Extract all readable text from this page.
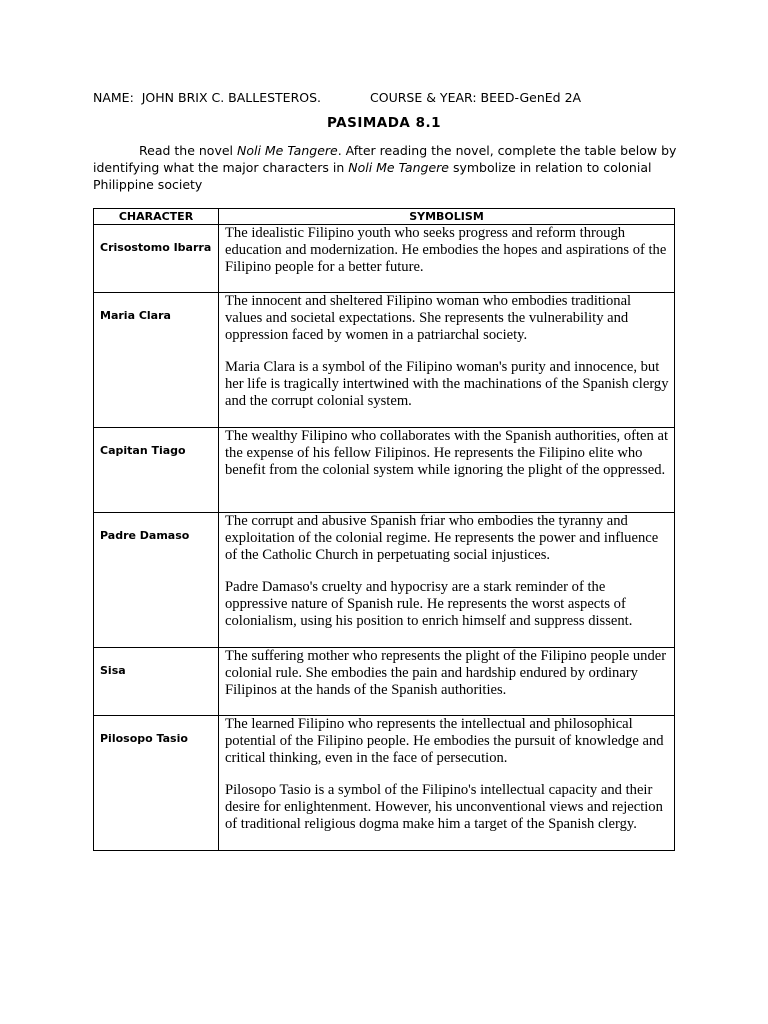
NAME: JOHN BRIX C. BALLESTEROS.	COURSE & YEAR: BEED-GenEd 2A
PASIMADA 8.1
Read the novel Noli Me Tangere. After reading the novel, complete the table below by identifying what the major characters in Noli Me Tangere symbolize in relation to colonial Philippine society
CHARACTER	SYMBOLISM
Crisostomo Ibarra	The idealistic Filipino youth who seeks progress and reform through education and modernization. He embodies the hopes and aspirations of the Filipino people for a better future.

Maria Clara	The innocent and sheltered Filipino woman who embodies traditional values and societal expectations. She represents the vulnerability and oppression faced by women in a patriarchal society.

Maria Clara is a symbol of the Filipino woman's purity and innocence, but her life is tragically intertwined with the machinations of the Spanish clergy and the corrupt colonial system.

Capitan Tiago	The wealthy Filipino who collaborates with the Spanish authorities, often at the expense of his fellow Filipinos. He represents the Filipino elite who benefit from the colonial system while ignoring the plight of the oppressed.

Padre Damaso	The corrupt and abusive Spanish friar who embodies the tyranny and exploitation of the colonial regime. He represents the power and influence of the Catholic Church in perpetuating social injustices.

Padre Damaso's cruelty and hypocrisy are a stark reminder of the oppressive nature of Spanish rule. He represents the worst aspects of colonialism, using his position to enrich himself and suppress dissent.

Sisa	The suffering mother who represents the plight of the Filipino people under colonial rule. She embodies the pain and hardship endured by ordinary Filipinos at the hands of the Spanish authorities.

Pilosopo Tasio	The learned Filipino who represents the intellectual and philosophical potential of the Filipino people. He embodies the pursuit of knowledge and critical thinking, even in the face of persecution.

Pilosopo Tasio is a symbol of the Filipino's intellectual capacity and their desire for enlightenment. However, his unconventional views and rejection of traditional religious dogma make him a target of the Spanish clergy.
